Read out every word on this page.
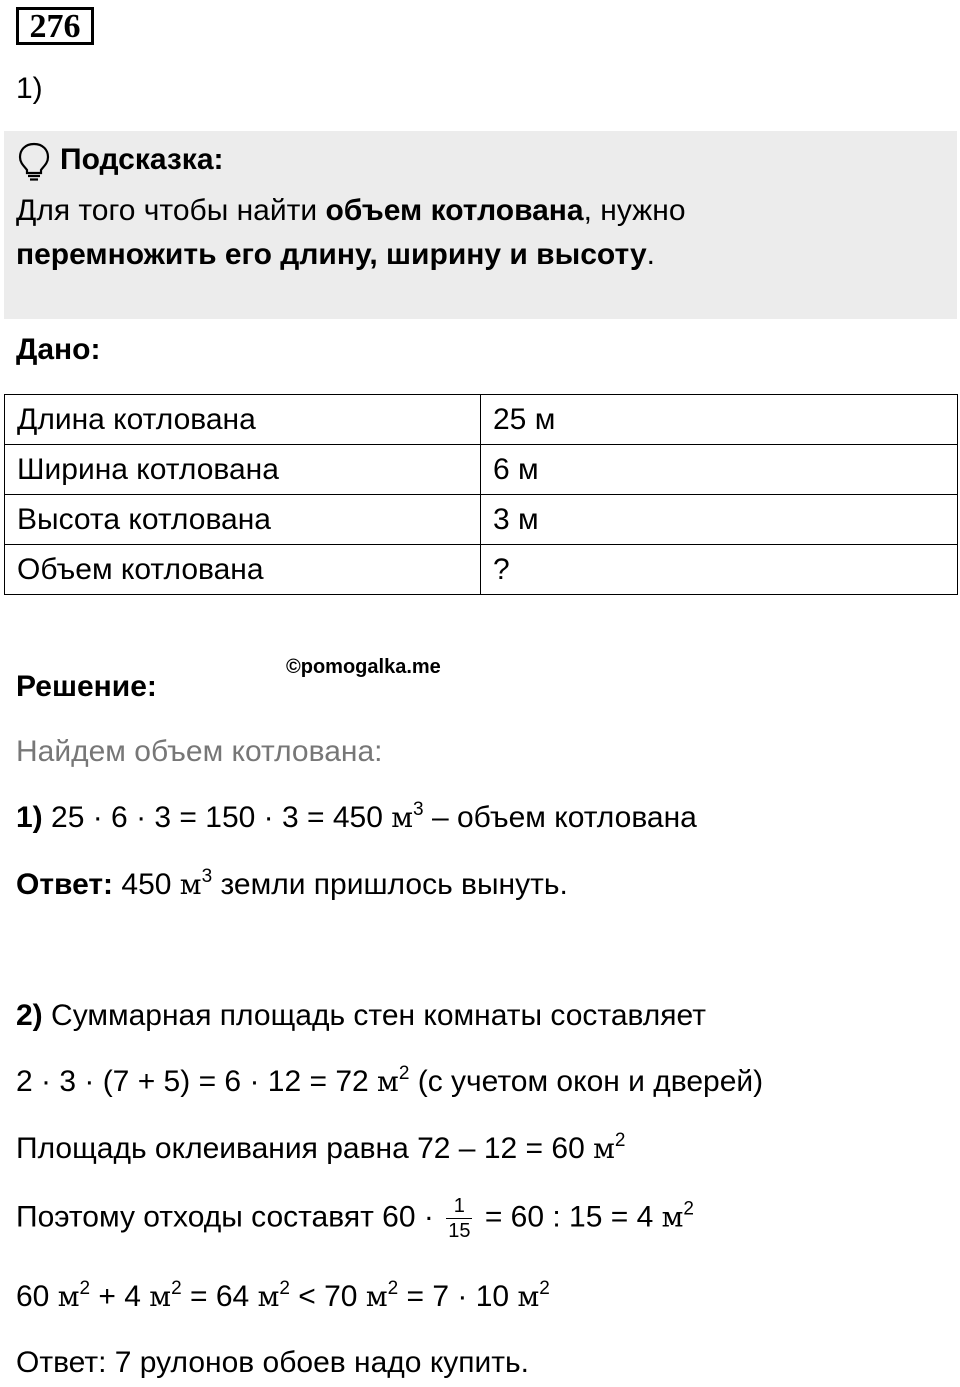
276
1)
Подсказка:
Для того чтобы найти объем котлована, нужно
перемножить его длину, ширину и высоту.
Дано:
Длина котлована	25 м
Ширина котлована	6 м
Высота котлована	3 м
Объем котлована	?
©pomogalka.me
Решение:
Найдем объем котлована:
1) 25 · 6 · 3 = 150 · 3 = 450 $м^3$ – объем котлована
Ответ: 450 $м^3$ земли пришлось вынуть.
2) Суммарная площадь стен комнаты составляет
2 · 3 · (7 + 5) = 6 · 12 = 72 $м^2$ (с учетом окон и дверей)
Площадь оклеивания равна 72 – 12 = 60 $м^2$
Поэтому отходы составят $60 \cdot \frac{1}{15} = 60$ : 15 = 4 $м^2$
60 $м^2 + 4$ $м^2 = 64$ $м^2 < 70$ $м^2 = 7 \cdot 10$ $м^2$
Ответ: 7 рулонов обоев надо купить.
